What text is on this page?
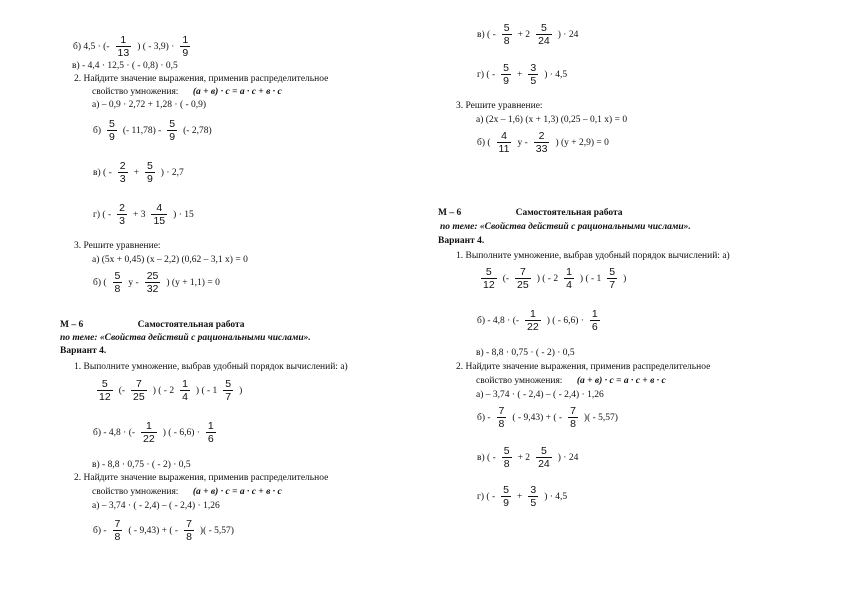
б) 4,5 · (- $\frac{1}{13}$ ) ( - $3,9) \cdot \frac{1}{9}$
в) - 4,4 · 12,5 · ( - 0,8) · 0,5
2. Найдите значение выражения, применив распределительное
свойство умножения: (а + в) · с = а · с + в · с
а) – 0,9 · 2,72 + 1,28 · ( - 0,9)
$б) \frac{5}{9}$ (- $11,78) - \frac{5}{9}$ (- 2,78)
в) ( - $\frac{2}{3} + \frac{5}{9}$ ) · 2,7
г) ( - $\frac{2}{3} + 3 \frac{4}{15}$ ) · 15
3. Решите уравнение:
а) (5х + 0,45) (х – 2,2) (0,62 – 3,1 х) = 0
б) ( $\frac{5}{8}$ у - $\frac{25}{32}$ ) (у + 1,1) = 0
М – 6	Самостоятельная работа
по теме: «Свойства действий с рациональными числами».
Вариант 4.
1. Выполните умножение, выбрав удобный порядок вычислений: а)
$\frac{5}{12}$ (- $\frac{7}{25}$ ) ( - $2 \frac{1}{4}$ ) ( - $1 \frac{5}{7}$ )
б) - 4,8 · (- $\frac{1}{22}$ ) ( - $6,6) \cdot \frac{1}{6}$
в) - 8,8 · 0,75 · ( - 2) · 0,5
2. Найдите значение выражения, применив распределительное
свойство умножения: (а + в) · с = а · с + в · с
а) – 3,74 · ( - 2,4) – ( - 2,4) · 1,26
$б) - \frac{7}{8}$ ( - 9,43) + ( - $\frac{7}{8}$ )( - 5,57)
в) ( - $\frac{5}{8} + 2 \frac{5}{24}$ ) · 24
г) ( - $\frac{5}{9} + \frac{3}{5}$ ) · 4,5
3. Решите уравнение:
а) (2х – 1,6) (х + 1,3) (0,25 – 0,1 х) = 0
б) ( $\frac{4}{11}$ у - $\frac{2}{33}$ ) (у + 2,9) = 0
М – 6	Самостоятельная работа
по теме: «Свойства действий с рациональными числами».
Вариант 4.
1. Выполните умножение, выбрав удобный порядок вычислений: а)
$\frac{5}{12}$ (- $\frac{7}{25}$ ) ( - $2 \frac{1}{4}$ ) ( - $1 \frac{5}{7}$ )
б) - 4,8 · (- $\frac{1}{22}$ ) ( - $6,6) \cdot \frac{1}{6}$
в) - 8,8 · 0,75 · ( - 2) · 0,5
2. Найдите значение выражения, применив распределительное
свойство умножения: (а + в) · с = а · с + в · с
а) – 3,74 · ( - 2,4) – ( - 2,4) · 1,26
$б) - \frac{7}{8}$ ( - 9,43) + ( - $\frac{7}{8}$ )( - 5,57)
в) ( - $\frac{5}{8} + 2 \frac{5}{24}$ ) · 24
г) ( - $\frac{5}{9} + \frac{3}{5}$ ) · 4,5
